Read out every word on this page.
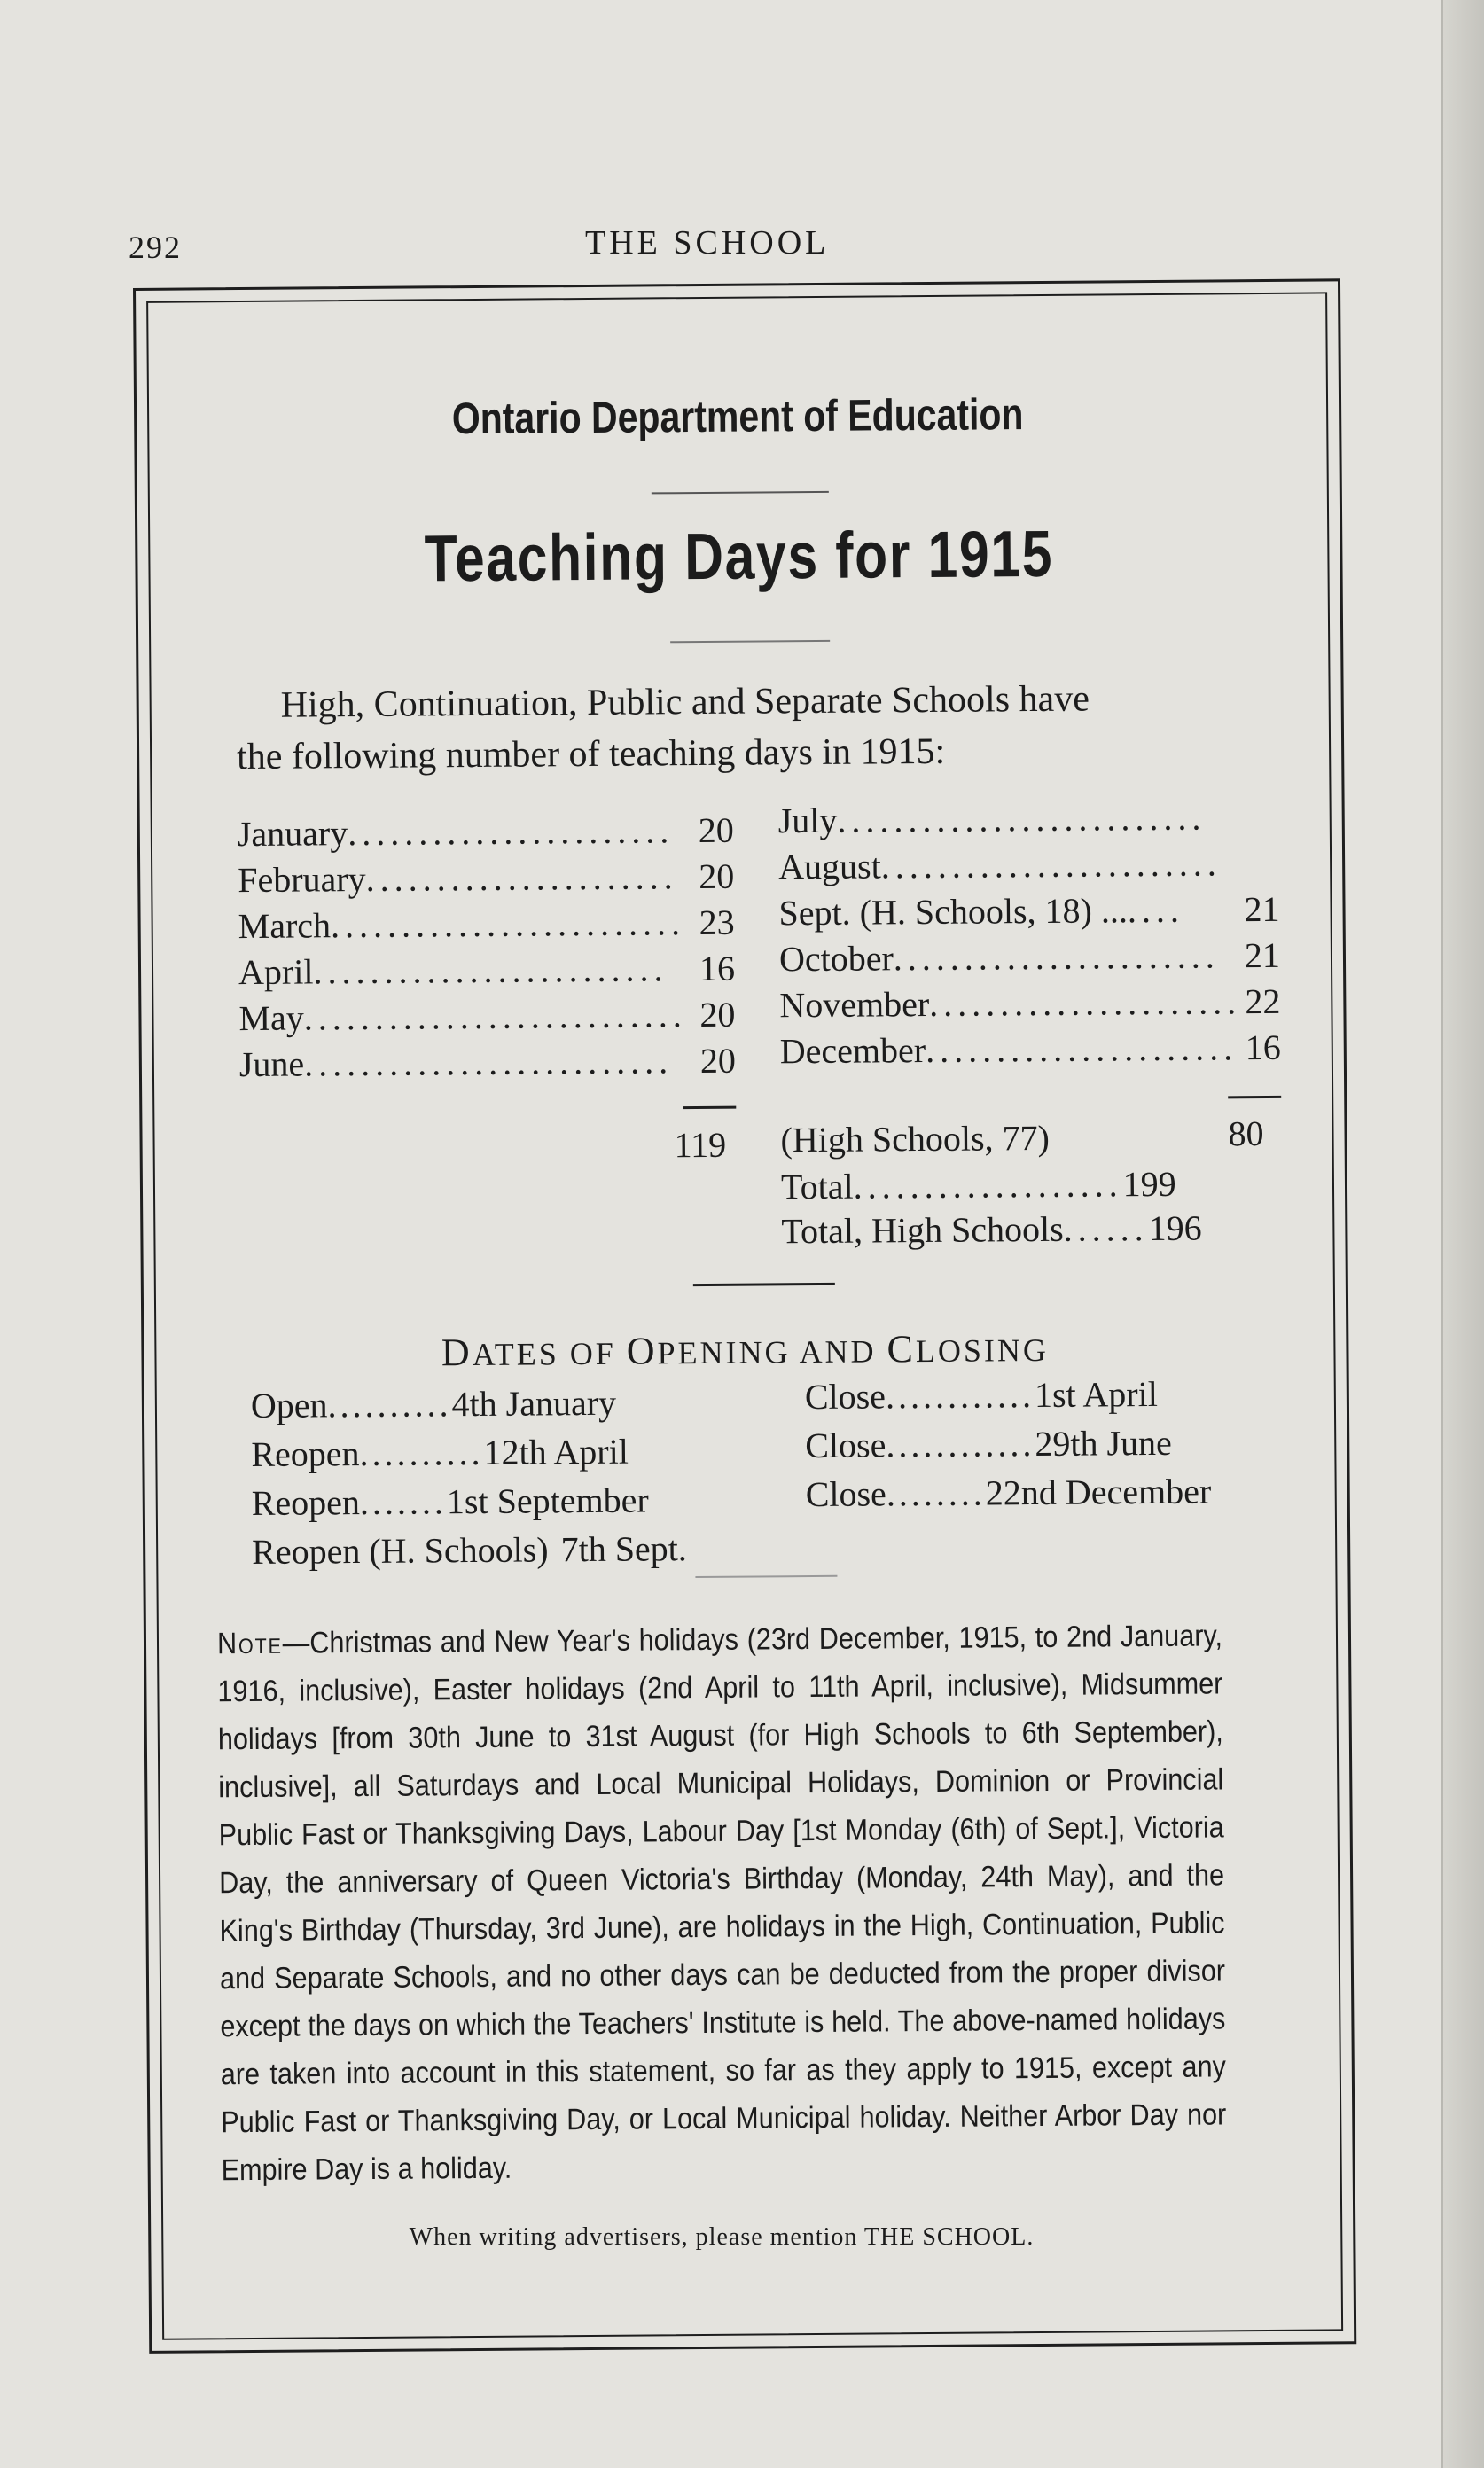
292	THE SCHOOL
Ontario Department of Education
Teaching Days for 1915
High, Continuation, Public and Separate Schools have
the following number of teaching days in 1915:
January....................... 20
February...................... 20
March......................... 23
April......................... 16
May........................... 20
June.......................... 20
July..........................
August........................
Sept. (H. Schools, 18) .......	21
October....................... 21
November...................... 22
December...................... 16
119 (High Schools, 77)	80
Total...................199
Total, High Schools......196
DATES OF OPENING AND CLOSING
Open..........4th January
Reopen..........12th April
Reopen.......1st September
Reopen (H. Schools) 7th Sept.
Close............1st April
Close............29th June
Close........22nd December
Note—Christmas and New Year's holidays (23rd December, 1915, to 2nd January, 1916, inclusive), Easter holidays (2nd April to 11th April, inclusive), Midsummer holidays [from 30th June to 31st August (for High Schools to 6th September), inclusive], all Saturdays and Local Municipal Holidays, Dominion or Provincial Public Fast or Thanksgiving Days, Labour Day [1st Monday (6th) of Sept.], Victoria Day, the anniversary of Queen Victoria's Birthday (Monday, 24th May), and the King's Birthday (Thursday, 3rd June), are holidays in the High, Continuation, Public and Separate Schools, and no other days can be deducted from the proper divisor except the days on which the Teachers' Institute is held. The above-named holidays are taken into account in this statement, so far as they apply to 1915, except any Public Fast or Thanksgiving Day, or Local Municipal holiday. Neither Arbor Day nor Empire Day is a holiday.
When writing advertisers, please mention THE SCHOOL.
